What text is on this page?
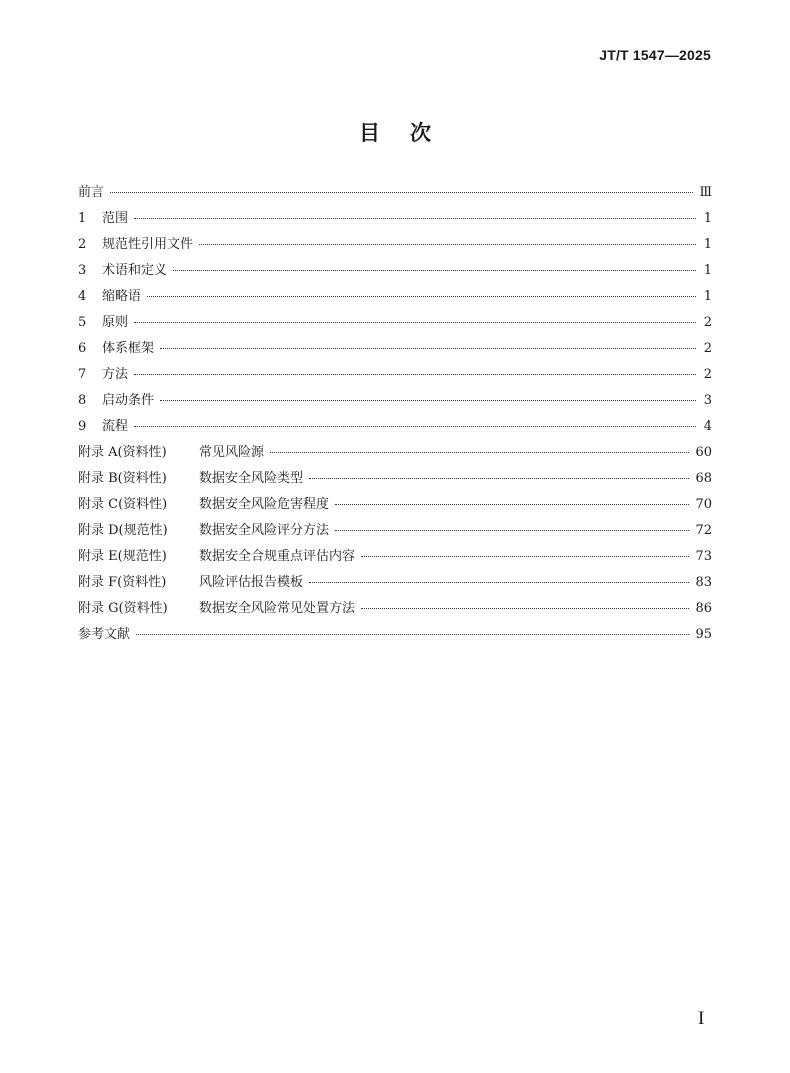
JT/T 1547—2025
目次
前言	Ⅲ
1	范围	1
2	规范性引用文件	1
3	术语和定义	1
4	缩略语	1
5	原则	2
6	体系框架	2
7	方法	2
8	启动条件	3
9	流程	4
附录 A(资料性)	常见风险源	60
附录 B(资料性)	数据安全风险类型	68
附录 C(资料性)	数据安全风险危害程度	70
附录 D(规范性)	数据安全风险评分方法	72
附录 E(规范性)	数据安全合规重点评估内容	73
附录 F(资料性)	风险评估报告模板	83
附录 G(资料性)	数据安全风险常见处置方法	86
参考文献	95
I
